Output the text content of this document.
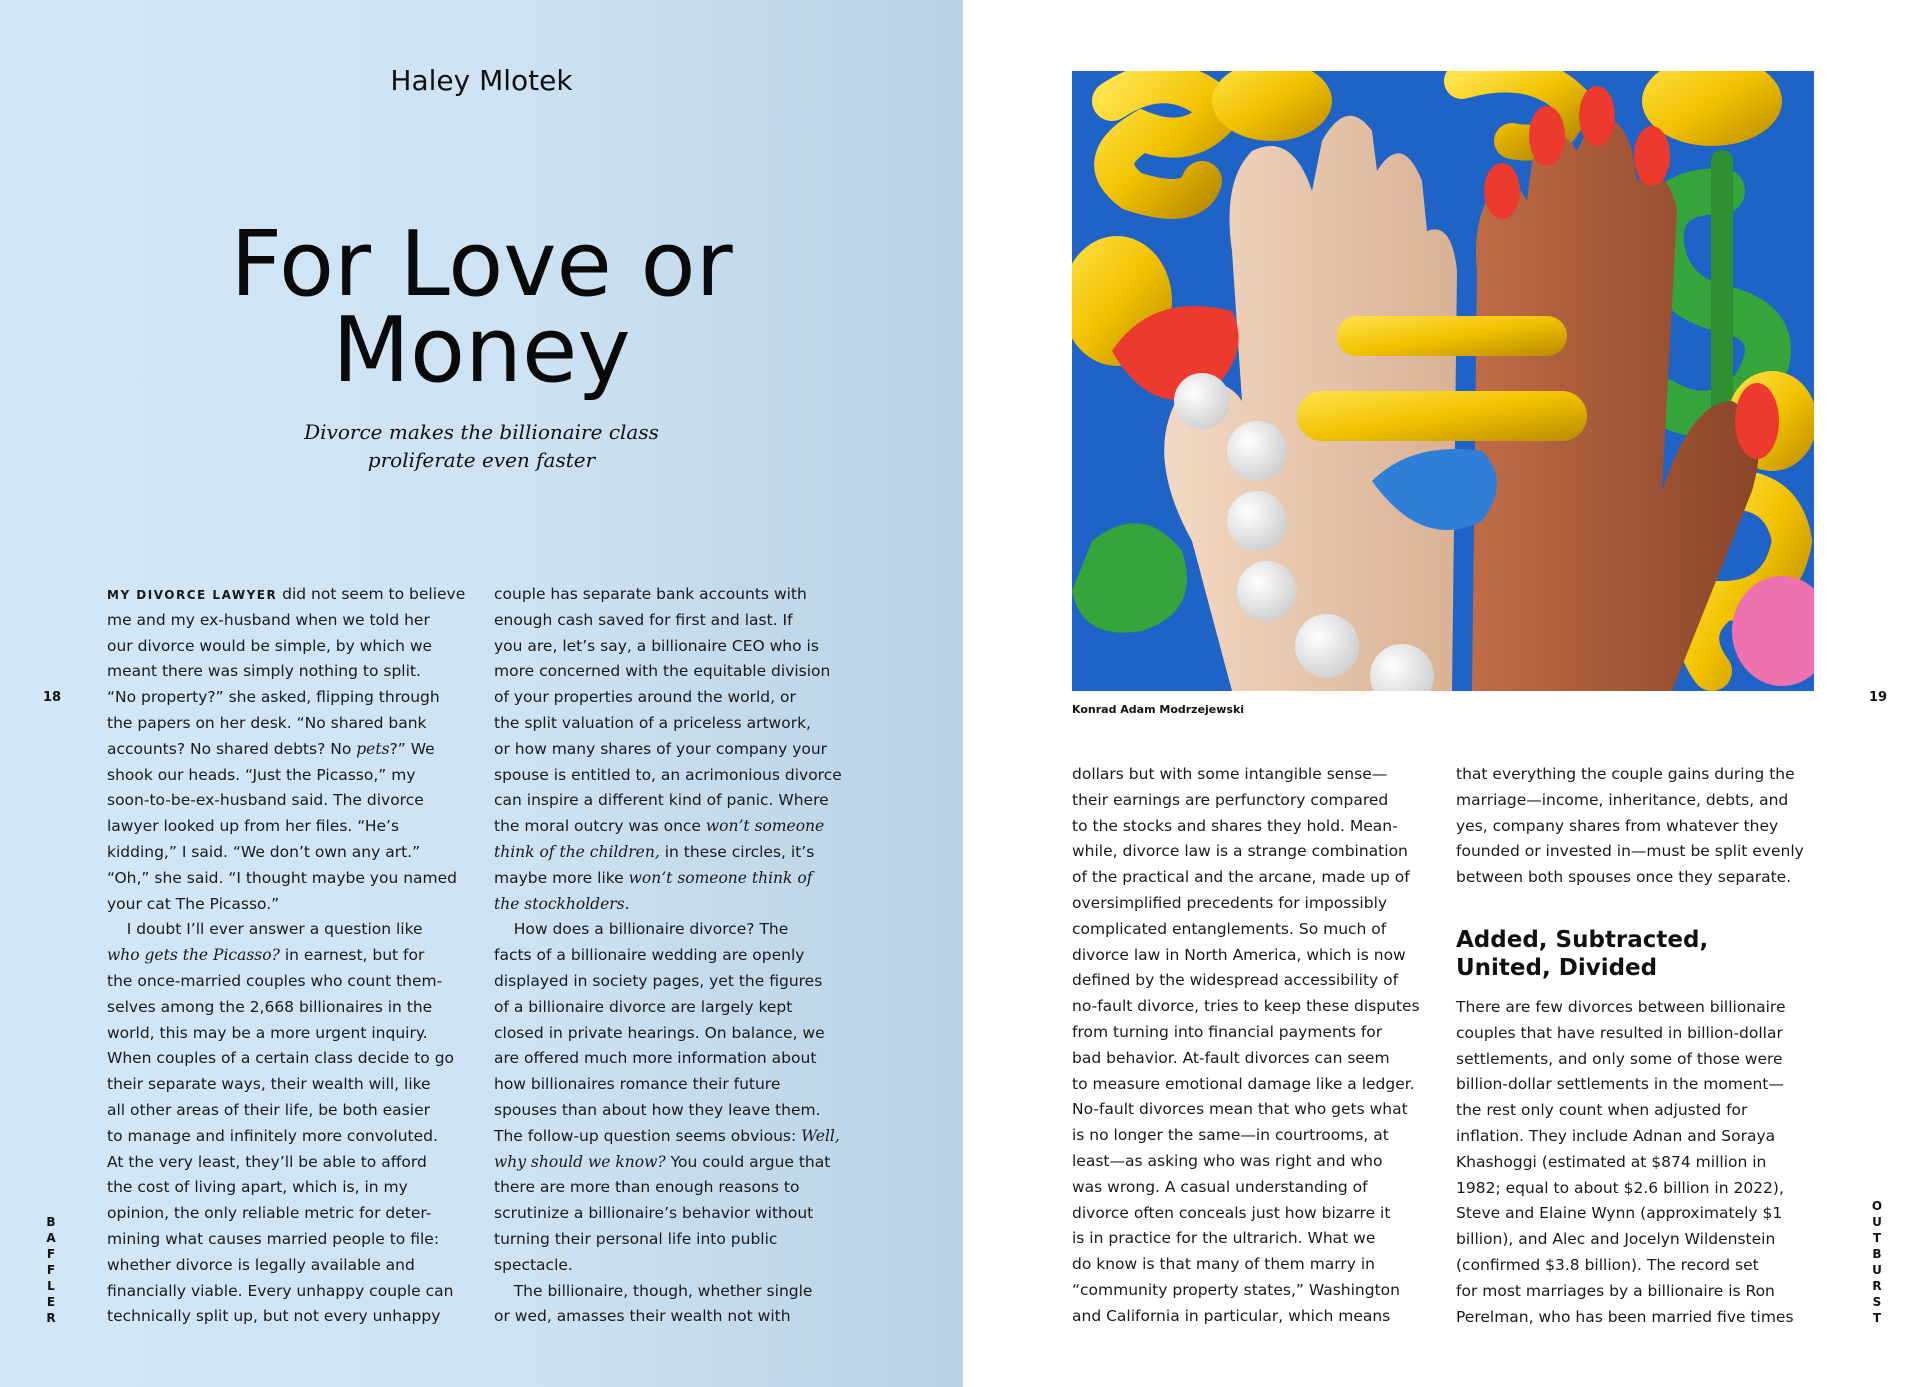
Haley Mlotek
For Love or
Money
Divorce makes the billionaire class
proliferate even faster
18
B
A
F
F
L
E
R
MY DIVORCE LAWYER did not seem to believe
me and my ex-husband when we told her
our divorce would be simple, by which we
meant there was simply nothing to split.
“No property?” she asked, flipping through
the papers on her desk. “No shared bank
accounts? No shared debts? No pets?” We
shook our heads. “Just the Picasso,” my
soon-to-be-ex-husband said. The divorce
lawyer looked up from her files. “He’s
kidding,” I said. “We don’t own any art.”
“Oh,” she said. “I thought maybe you named
your cat The Picasso.”
I doubt I’ll ever answer a question like
who gets the Picasso? in earnest, but for
the once-married couples who count them-
selves among the 2,668 billionaires in the
world, this may be a more urgent inquiry.
When couples of a certain class decide to go
their separate ways, their wealth will, like
all other areas of their life, be both easier
to manage and infinitely more convoluted.
At the very least, they’ll be able to afford
the cost of living apart, which is, in my
opinion, the only reliable metric for deter-
mining what causes married people to file:
whether divorce is legally available and
financially viable. Every unhappy couple can
technically split up, but not every unhappy
couple has separate bank accounts with
enough cash saved for first and last. If
you are, let’s say, a billionaire CEO who is
more concerned with the equitable division
of your properties around the world, or
the split valuation of a priceless artwork,
or how many shares of your company your
spouse is entitled to, an acrimonious divorce
can inspire a different kind of panic. Where
the moral outcry was once won’t someone
think of the children, in these circles, it’s
maybe more like won’t someone think of
the stockholders.
How does a billionaire divorce? The
facts of a billionaire wedding are openly
displayed in society pages, yet the figures
of a billionaire divorce are largely kept
closed in private hearings. On balance, we
are offered much more information about
how billionaires romance their future
spouses than about how they leave them.
The follow-up question seems obvious: Well,
why should we know? You could argue that
there are more than enough reasons to
scrutinize a billionaire’s behavior without
turning their personal life into public
spectacle.
The billionaire, though, whether single
or wed, amasses their wealth not with
Konrad Adam Modrzejewski
19
O
U
T
B
U
R
S
T
dollars but with some intangible sense—
their earnings are perfunctory compared
to the stocks and shares they hold. Mean-
while, divorce law is a strange combination
of the practical and the arcane, made up of
oversimplified precedents for impossibly
complicated entanglements. So much of
divorce law in North America, which is now
defined by the widespread accessibility of
no-fault divorce, tries to keep these disputes
from turning into financial payments for
bad behavior. At-fault divorces can seem
to measure emotional damage like a ledger.
No-fault divorces mean that who gets what
is no longer the same—in courtrooms, at
least—as asking who was right and who
was wrong. A casual understanding of
divorce often conceals just how bizarre it
is in practice for the ultrarich. What we
do know is that many of them marry in
“community property states,” Washington
and California in particular, which means
that everything the couple gains during the
marriage—income, inheritance, debts, and
yes, company shares from whatever they
founded or invested in—must be split evenly
between both spouses once they separate.
Added, Subtracted,
United, Divided
There are few divorces between billionaire
couples that have resulted in billion-dollar
settlements, and only some of those were
billion-dollar settlements in the moment—
the rest only count when adjusted for
inflation. They include Adnan and Soraya
Khashoggi (estimated at $874 million in
1982; equal to about $2.6 billion in 2022),
Steve and Elaine Wynn (approximately $1
billion), and Alec and Jocelyn Wildenstein
(confirmed $3.8 billion). The record set
for most marriages by a billionaire is Ron
Perelman, who has been married five times
